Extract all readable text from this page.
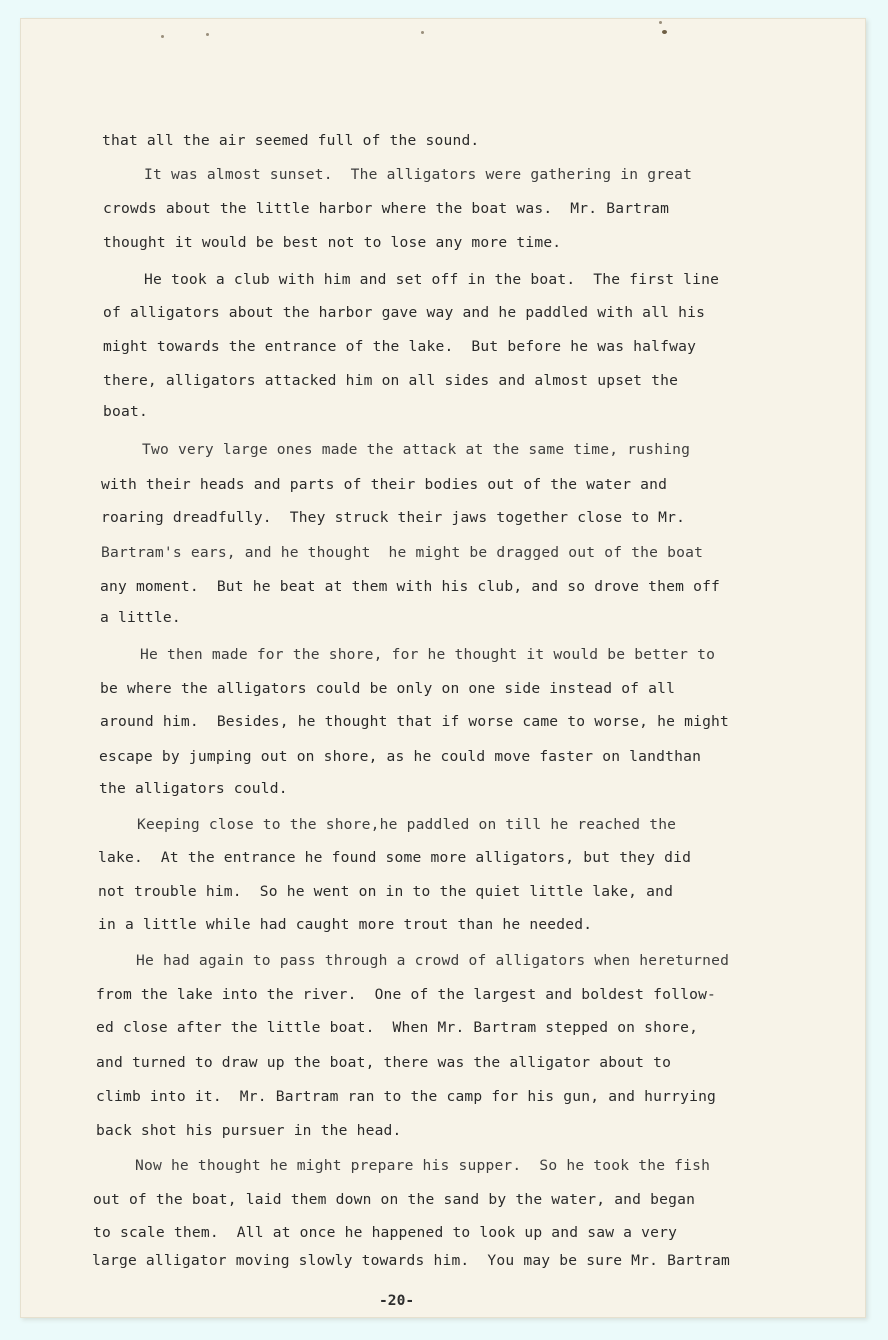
that all the air seemed full of the sound.
It was almost sunset.  The alligators were gathering in great
crowds about the little harbor where the boat was.  Mr. Bartram
thought it would be best not to lose any more time.
He took a club with him and set off in the boat.  The first line
of alligators about the harbor gave way and he paddled with all his
might towards the entrance of the lake.  But before he was halfway
there, alligators attacked him on all sides and almost upset the
boat.
Two very large ones made the attack at the same time, rushing
with their heads and parts of their bodies out of the water and
roaring dreadfully.  They struck their jaws together close to Mr.
Bartram's ears, and he thought  he might be dragged out of the boat
any moment.  But he beat at them with his club, and so drove them off
a little.
He then made for the shore, for he thought it would be better to
be where the alligators could be only on one side instead of all
around him.  Besides, he thought that if worse came to worse, he might
escape by jumping out on shore, as he could move faster on landthan
the alligators could.
Keeping close to the shore,he paddled on till he reached the
lake.  At the entrance he found some more alligators, but they did
not trouble him.  So he went on in to the quiet little lake, and
in a little while had caught more trout than he needed.
He had again to pass through a crowd of alligators when hereturned
from the lake into the river.  One of the largest and boldest follow-
ed close after the little boat.  When Mr. Bartram stepped on shore,
and turned to draw up the boat, there was the alligator about to
climb into it.  Mr. Bartram ran to the camp for his gun, and hurrying
back shot his pursuer in the head.
Now he thought he might prepare his supper.  So he took the fish
out of the boat, laid them down on the sand by the water, and began
to scale them.  All at once he happened to look up and saw a very
large alligator moving slowly towards him.  You may be sure Mr. Bartram
-20-
